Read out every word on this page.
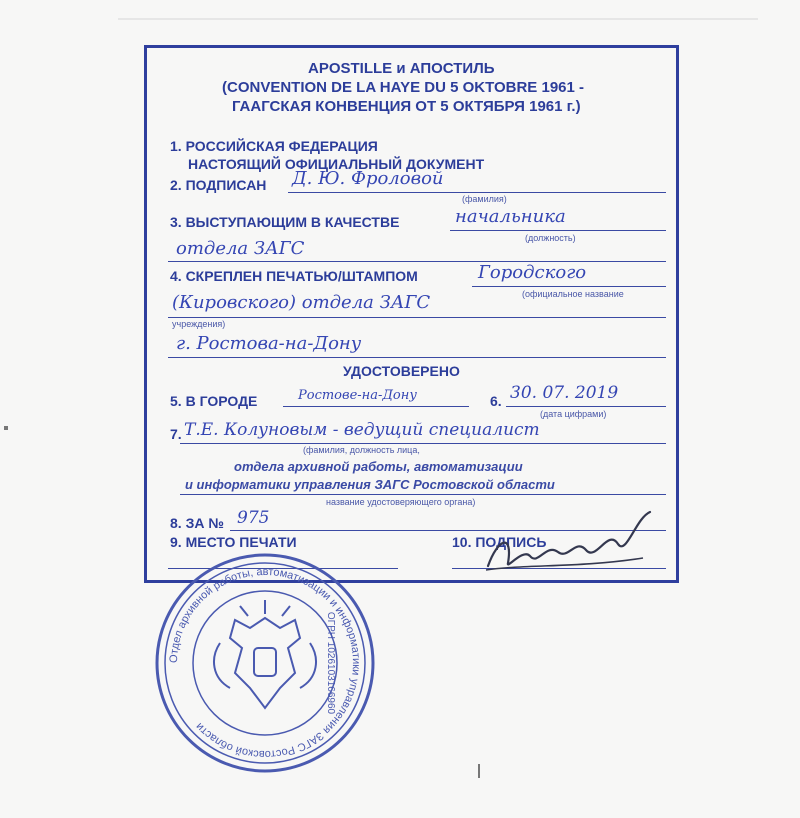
APOSTILLE и АПОСТИЛЬ
(CONVENTION DE LA HAYE DU 5 OKTOBRE 1961 -
ГААГСКАЯ КОНВЕНЦИЯ ОТ 5 ОКТЯБРЯ 1961 г.)
1. РОССИЙСКАЯ ФЕДЕРАЦИЯ
НАСТОЯЩИЙ ОФИЦИАЛЬНЫЙ ДОКУМЕНТ
2. ПОДПИСАН Д. Ю. Фроловой
(фамилия)
3. ВЫСТУПАЮЩИМ В КАЧЕСТВЕ	начальника
(должность)
отдела ЗАГС
4. СКРЕПЛЕН ПЕЧАТЬЮ/ШТАМПОМ	Городского
(официальное название
(Кировского) отдела ЗАГС
учреждения)
г. Ростова-на-Дону
УДОСТОВЕРЕНО
5. В ГОРОДЕ	Ростове-на-Дону	6. 30. 07. 2019
(дата цифрами)
7. Т.Е. Колуновым - ведущий специалист
(фамилия, должность лица,
отдела архивной работы, автоматизации
и информатики управления ЗАГС Ростовской области
название удостоверяющего органа)
8. ЗА № 975
9. МЕСТО ПЕЧАТИ	10. ПОДПИСЬ
Отдел архивной работы, автоматизации и информатики управления ЗАГС Ростовской области
ОГРН 1026103166960
